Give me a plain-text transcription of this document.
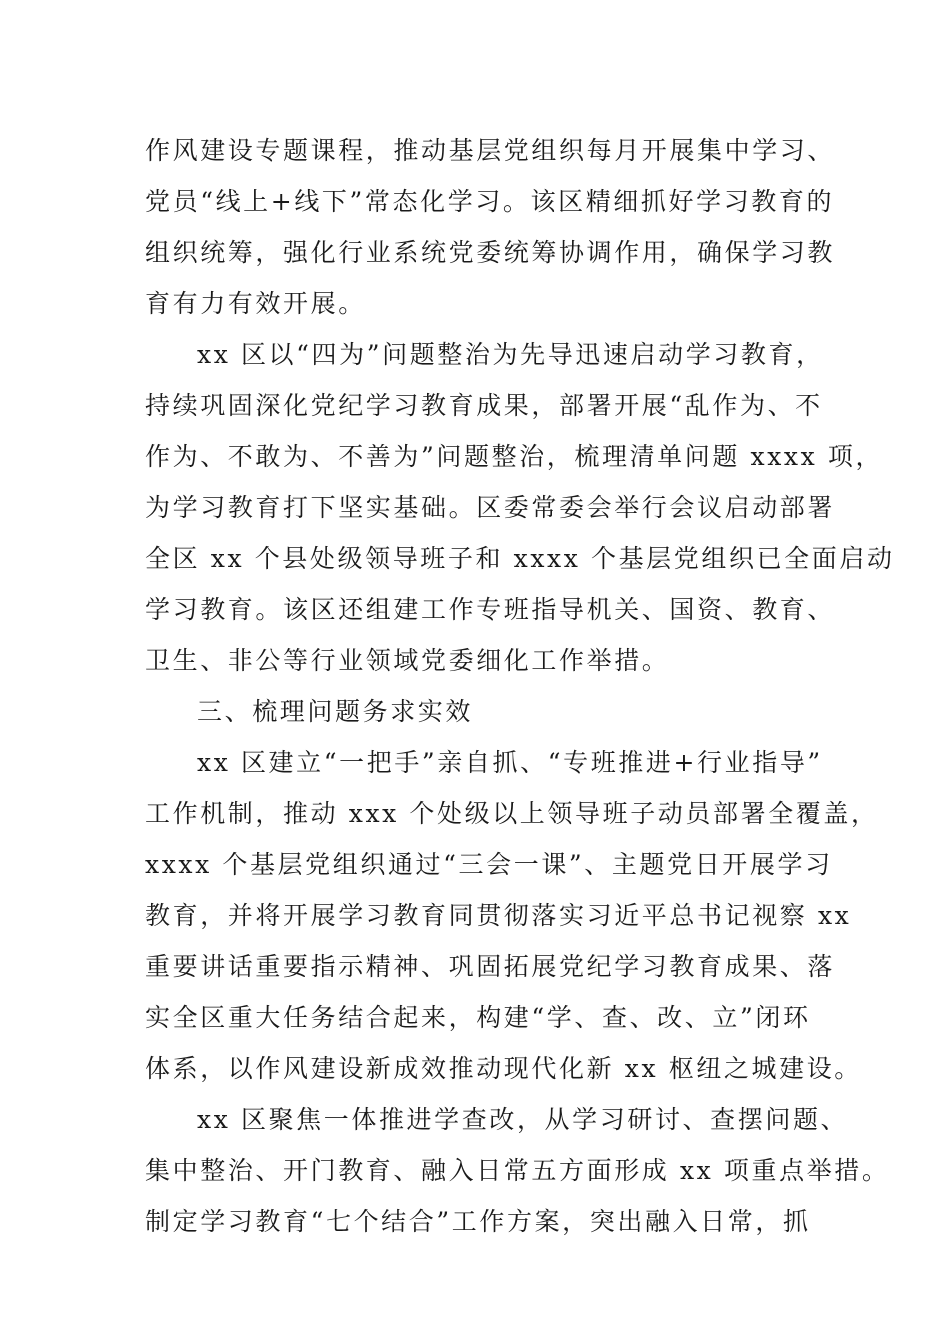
作风建设专题课程，推动基层党组织每月开展集中学习、
党员“线上+线下”常态化学习。该区精细抓好学习教育的
组织统筹，强化行业系统党委统筹协调作用，确保学习教
育有力有效开展。
xx 区以“四为”问题整治为先导迅速启动学习教育，
持续巩固深化党纪学习教育成果，部署开展“乱作为、不
作为、不敢为、不善为”问题整治，梳理清单问题 xxxx 项，
为学习教育打下坚实基础。区委常委会举行会议启动部署
全区 xx 个县处级领导班子和 xxxx 个基层党组织已全面启动
学习教育。该区还组建工作专班指导机关、国资、教育、
卫生、非公等行业领域党委细化工作举措。
三、梳理问题务求实效
xx 区建立“一把手”亲自抓、“专班推进+行业指导”
工作机制，推动 xxx 个处级以上领导班子动员部署全覆盖，
xxxx 个基层党组织通过“三会一课”、主题党日开展学习
教育，并将开展学习教育同贯彻落实习近平总书记视察 xx
重要讲话重要指示精神、巩固拓展党纪学习教育成果、落
实全区重大任务结合起来，构建“学、查、改、立”闭环
体系，以作风建设新成效推动现代化新 xx 枢纽之城建设。
xx 区聚焦一体推进学查改，从学习研讨、查摆问题、
集中整治、开门教育、融入日常五方面形成 xx 项重点举措。
制定学习教育“七个结合”工作方案，突出融入日常，抓
